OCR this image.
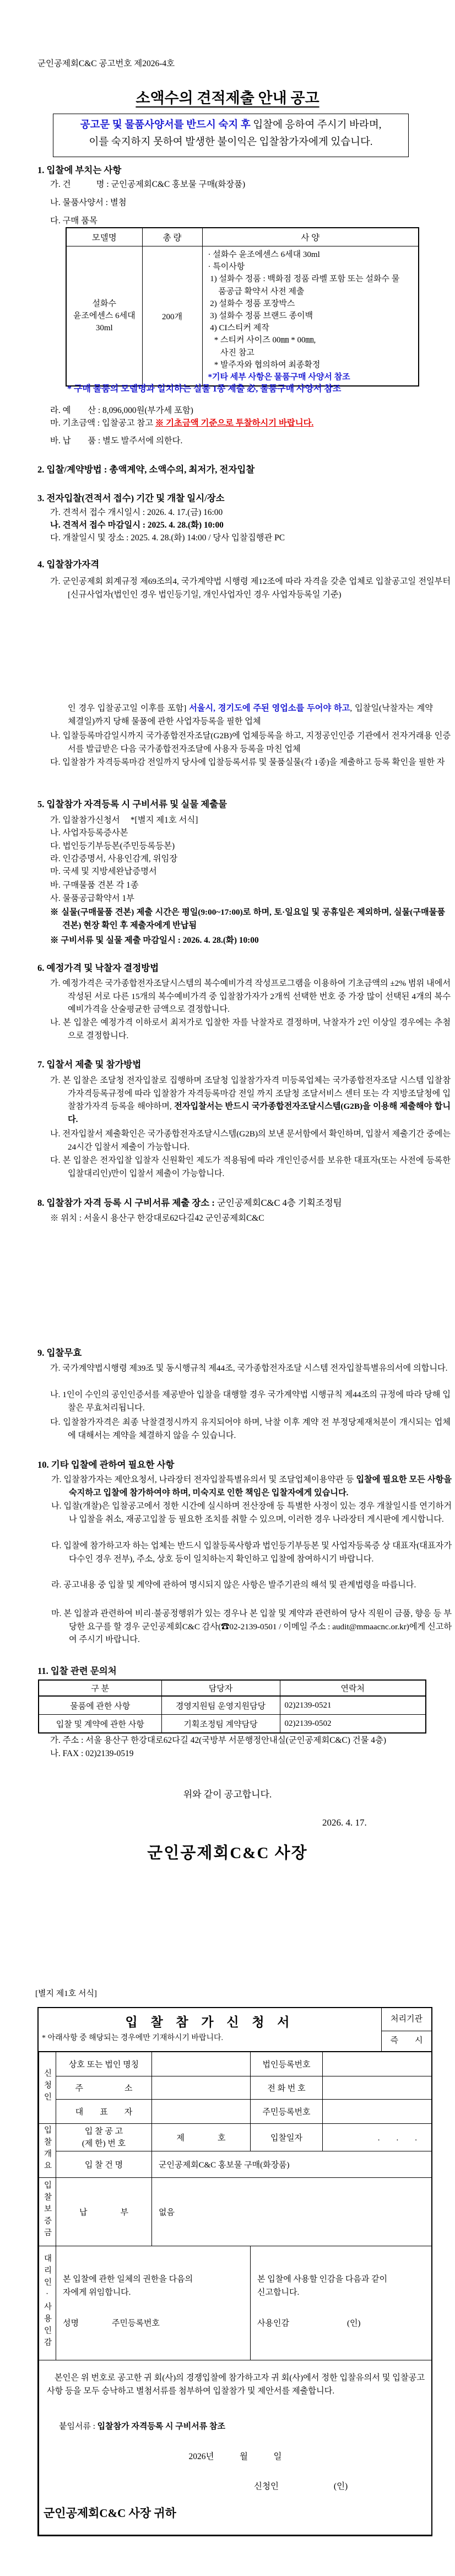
군인공제회C&C 공고번호 제2026-4호
소액수의 견적제출 안내 공고
공고문 및 물품사양서를 반드시 숙지 후 입찰에 응하여 주시기 바라며,
이를 숙지하지 못하여 발생한 불이익은 입찰참가자에게 있습니다.
1. 입찰에 부치는 사항
가. 건　　　명 : 군인공제회C&C 홍보물 구매(화장품)
나. 물품사양서 : 별첨
다. 구매 품목
모델명	총 량	사 양

설화수
윤조에센스 6세대
30ml
	200개	
· 설화수 윤조에센스 6세대 30ml
· 특이사항
1) 설화수 정품 : 백화점 정품 라벨 포함 또는 설화수 물
품공급 확약서 사전 제출
2) 설화수 정품 포장박스
3) 설화수 정품 브랜드 종이백
4) CI스티커 제작
* 스티커 사이즈 00㎜ * 00㎜,
사진 참고
* 발주자와 협의하여 최종확정
*기타 세부 사항은 물품구매 사양서 참조
* 구매 물품의 모델명과 일치하는 실물 1종 제출 必, 물품구매 사양서 참조
라. 예　　산 : 8,096,000원(부가세 포함)
마. 기초금액 : 입찰공고 참고 ※ 기초금액 기준으로 투찰하시기 바랍니다.
바. 납　　품 : 별도 발주서에 의한다.
2. 입찰/계약방법 : 총액계약, 소액수의, 최저가, 전자입찰
3. 전자입찰(견적서 접수) 기간 및 개찰 일시/장소
가. 견적서 접수 개시일시 : 2026. 4. 17.(금) 16:00
나. 견적서 접수 마감일시 : 2025. 4. 28.(화) 10:00
다. 개찰일시 및 장소 : 2025. 4. 28.(화) 14:00 / 당사 입찰집행관 PC
4. 입찰참가자격
가. 군인공제회 회계규정 제69조의4, 국가계약법 시행령 제12조에 따라 자격을 갖춘 업체로 입찰공고일 전일부터 [신규사업자(법인인 경우 법인등기일, 개인사업자인 경우 사업자등록일 기준)
인 경우 입찰공고일 이후를 포함] 서울시, 경기도에 주된 영업소를 두어야 하고, 입찰일(낙찰자는 계약체결일)까지 당해 물품에 관한 사업자등록을 필한 업체
나. 입찰등록마감일시까지 국가종합전자조달(G2B)에 업체등록을 하고, 지정공인인증 기관에서 전자거래용 인증서를 발급받은 다음 국가종합전자조달에 사용자 등록을 마친 업체
다. 입찰참가 자격등록마감 전일까지 당사에 입찰등록서류 및 물품실물(각 1종)을 제출하고 등록 확인을 필한 자
5. 입찰참가 자격등록 시 구비서류 및 실물 제출물
가. 입찰참가신청서　 *[별지 제1호 서식]
나. 사업자등록증사본
다. 법인등기부등본(주민등록등본)
라. 인감증명서, 사용인감계, 위임장
마. 국세 및 지방세완납증명서
바. 구매물품 견본 각 1종
사. 물품공급확약서 1부
※ 실물(구매물품 견본) 제출 시간은 평일(9:00~17:00)로 하며, 토·일요일 및 공휴일은 제외하며, 실물(구매물품 견본) 현장 확인 후 제출자에게 반납됨
※ 구비서류 및 실물 제출 마감일시 : 2026. 4. 28.(화) 10:00
6. 예정가격 및 낙찰자 결정방법
가. 예정가격은 국가종합전자조달시스템의 복수예비가격 작성프로그램을 이용하여 기초금액의 ±2% 범위 내에서 작성된 서로 다른 15개의 복수예비가격 중 입찰참가자가 2개씩 선택한 번호 중 가장 많이 선택된 4개의 복수예비가격을 산술평균한 금액으로 결정합니다.
나. 본 입찰은 예정가격 이하로서 최저가로 입찰한 자를 낙찰자로 결정하며, 낙찰자가 2인 이상일 경우에는 추첨으로 결정합니다.
7. 입찰서 제출 및 참가방법
가. 본 입찰은 조달청 전자입찰로 집행하며 조달청 입찰참가자격 미등록업체는 국가종합전자조달 시스템 입찰참가자격등록규정에 따라 입찰참가 자격등록마감 전일 까지 조달청 조달서비스 센터 또는 각 지방조달청에 입찰참가자격 등록을 해야하며, 전자입찰서는 반드시 국가종합전자조달시스템(G2B)을 이용해 제출해야 합니다.
나. 전자입찰서 제출확인은 국가종합전자조달시스템(G2B)의 보낸 문서함에서 확인하며, 입찰서 제출기간 중에는 24시간 입찰서 제출이 가능합니다.
다. 본 입찰은 전자입찰 입찰자 신원확인 제도가 적용됨에 따라 개인인증서를 보유한 대표자(또는 사전에 등록한 입찰대리인)만이 입찰서 제출이 가능합니다.
8. 입찰참가 자격 등록 시 구비서류 제출 장소 : 군인공제회C&C 4층 기획조정팀
※ 위치 : 서울시 용산구 한강대로62다길42 군인공제회C&C
9. 입찰무효
가. 국가계약법시행령 제39조 및 동시행규칙 제44조, 국가종합전자조달 시스템 전자입찰특별유의서에 의합니다.
나. 1인이 수인의 공인인증서를 제공받아 입찰을 대행할 경우 국가계약법 시행규칙 제44조의 규정에 따라 당해 입찰은 무효처리됩니다.
다. 입찰참가자격은 최종 낙찰결정시까지 유지되어야 하며, 낙찰 이후 계약 전 부정당제재처분이 개시되는 업체에 대해서는 계약을 체결하지 않을 수 있습니다.
10. 기타 입찰에 관하여 필요한 사항
가. 입찰참가자는 제안요청서, 나라장터 전자입찰특별유의서 및 조달업체이용약관 등 입찰에 필요한 모든 사항을 숙지하고 입찰에 참가하여야 하며, 미숙지로 인한 책임은 입찰자에게 있습니다.
나. 입찰(개찰)은 입찰공고에서 정한 시간에 실시하며 전산장애 등 특별한 사정이 있는 경우 개찰일시를 연기하거나 입찰을 취소, 재공고입찰 등 필요한 조치를 취할 수 있으며, 이러한 경우 나라장터 게시판에 게시합니다.
다. 입찰에 참가하고자 하는 업체는 반드시 입찰등록사항과 법인등기부등본 및 사업자등록증 상 대표자(대표자가 다수인 경우 전부), 주소, 상호 등이 일치하는지 확인하고 입찰에 참여하시기 바랍니다.
라. 공고내용 중 입찰 및 계약에 관하여 명시되지 않은 사항은 발주기관의 해석 및 관계법령을 따릅니다.
마. 본 입찰과 관련하여 비리·불공정행위가 있는 경우나 본 입찰 및 계약과 관련하여 당사 직원이 금품, 향응 등 부당한 요구를 할 경우 군인공제회C&C 감사(☎02-2139-0501 / 이메일 주소 : audit@mmaacnc.or.kr)에게 신고하여 주시기 바랍니다.
11. 입찰 관련 문의처
구 분	담당자	연락처
물품에 관한 사항	경영지원팀 운영지원담당	02)2139-0521
입찰 및 계약에 관한 사항	기획조정팀 계약담당	02)2139-0502
가. 주소 : 서울 용산구 한강대로62다길 42(국방부 서문행정안내실(군인공제회C&C) 건물 4층)
나. FAX : 02)2139-0519
위와 같이 공고합니다.
2026. 4. 17.
군인공제회C&C 사장
[별지 제1호 서식]
입 찰 참 가 신 청 서
* 아래사항 중 해당되는 경우에만 기재하시기 바랍니다.
처리기관
즉　　시
신청인	상호 또는 법인 명칭		법인등록번호	
	주　　　　　소		전 화 번 호	
	대　　표　　자		주민등록번호	
입찰개요	입 찰 공 고
(제 한) 번 호	제　　　　호	입찰일자	.　　.　　.
	입 찰 건 명	군인공제회C&C 홍보물 구매(화장품)		
입찰보증금	납　　　　부	없음		
대리인·사용인감	본 입찰에 관한 일체의 권한을 다음의
자에게 위임합니다.
성명　　　　주민등록번호

본 입찰에 사용할 인감을 다음과 같이
신고합니다.
사용인감　　　　　　　(인)

본인은 위 번호로 공고한 귀 회(사)의 경쟁입찰에 참가하고자 귀 회(사)에서 정한 입찰유의서 및 입찰공고사항 등을 모두 승낙하고 별첨서류를 첨부하여 입찰참가 및 제안서를 제출합니다.
붙임서류 : 입찰참가 자격등록 시 구비서류 참조
2026년　　　월　　　일
신청인 (인)
군인공제회C&C 사장 귀하				
